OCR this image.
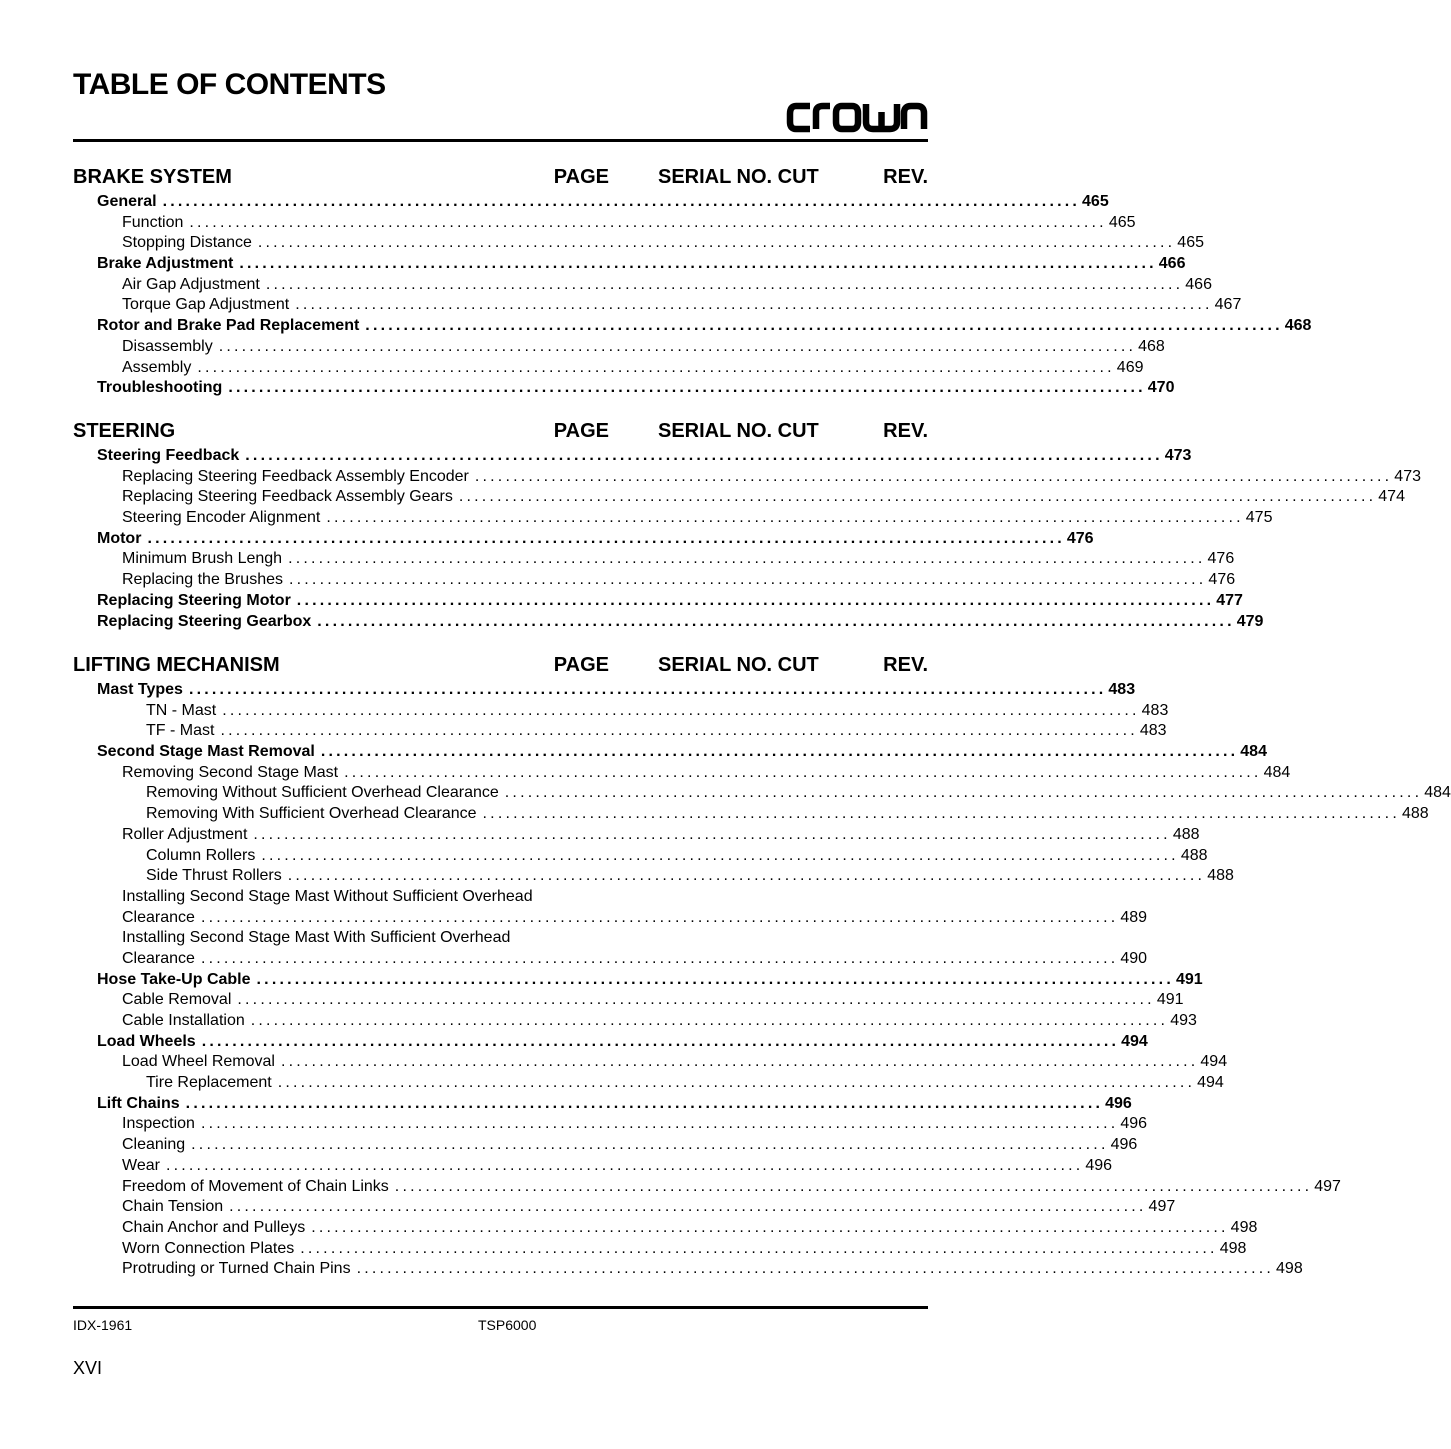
TABLE OF CONTENTS
BRAKE SYSTEM	PAGE SERIAL NO. CUT	REV.
General ........................................................................................................................ 465
Function ........................................................................................................................ 465
Stopping Distance ........................................................................................................................ 465
Brake Adjustment ........................................................................................................................ 466
Air Gap Adjustment ........................................................................................................................ 466
Torque Gap Adjustment ........................................................................................................................ 467
Rotor and Brake Pad Replacement ........................................................................................................................ 468
Disassembly ........................................................................................................................ 468
Assembly ........................................................................................................................ 469
Troubleshooting ........................................................................................................................ 470
STEERING	PAGE SERIAL NO. CUT	REV.
Steering Feedback ........................................................................................................................ 473
Replacing Steering Feedback Assembly Encoder ........................................................................................................................ 473
Replacing Steering Feedback Assembly Gears ........................................................................................................................ 474
Steering Encoder Alignment ........................................................................................................................ 475
Motor ........................................................................................................................ 476
Minimum Brush Lengh ........................................................................................................................ 476
Replacing the Brushes ........................................................................................................................ 476
Replacing Steering Motor ........................................................................................................................ 477
Replacing Steering Gearbox ........................................................................................................................ 479
LIFTING MECHANISM	PAGE SERIAL NO. CUT	REV.
Mast Types ........................................................................................................................ 483
TN - Mast ........................................................................................................................ 483
TF - Mast ........................................................................................................................ 483
Second Stage Mast Removal ........................................................................................................................ 484
Removing Second Stage Mast ........................................................................................................................ 484
Removing Without Sufficient Overhead Clearance ........................................................................................................................ 484
Removing With Sufficient Overhead Clearance ........................................................................................................................ 488
Roller Adjustment ........................................................................................................................ 488
Column Rollers ........................................................................................................................ 488
Side Thrust Rollers ........................................................................................................................ 488
Installing Second Stage Mast Without Sufficient Overhead
Clearance ........................................................................................................................ 489
Installing Second Stage Mast With Sufficient Overhead
Clearance ........................................................................................................................ 490
Hose Take-Up Cable ........................................................................................................................ 491
Cable Removal ........................................................................................................................ 491
Cable Installation ........................................................................................................................ 493
Load Wheels ........................................................................................................................ 494
Load Wheel Removal ........................................................................................................................ 494
Tire Replacement ........................................................................................................................ 494
Lift Chains ........................................................................................................................ 496
Inspection ........................................................................................................................ 496
Cleaning ........................................................................................................................ 496
Wear ........................................................................................................................ 496
Freedom of Movement of Chain Links ........................................................................................................................ 497
Chain Tension ........................................................................................................................ 497
Chain Anchor and Pulleys ........................................................................................................................ 498
Worn Connection Plates ........................................................................................................................ 498
Protruding or Turned Chain Pins ........................................................................................................................ 498
IDX-1961	TSP6000
XVI
